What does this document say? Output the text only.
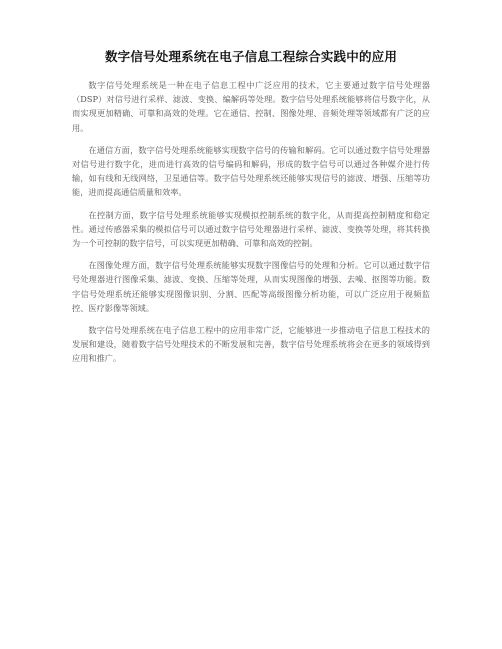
数字信号处理系统在电子信息工程综合实践中的应用

数字信号处理系统是一种在电子信息工程中广泛应用的技术，它主要通过数字信号处理器（DSP）对信号进行采样、滤波、变换、编解码等处理。数字信号处理系统能够将信号数字化，从而实现更加精确、可靠和高效的处理。它在通信、控制、图像处理、音频处理等领域都有广泛的应用。

在通信方面，数字信号处理系统能够实现数字信号的传输和解码。它可以通过数字信号处理器对信号进行数字化，进而进行高效的信号编码和解码，形成的数字信号可以通过各种媒介进行传输，如有线和无线网络，卫星通信等。数字信号处理系统还能够实现信号的滤波、增强、压缩等功能，进而提高通信质量和效率。

在控制方面，数字信号处理系统能够实现模拟控制系统的数字化，从而提高控制精度和稳定性。通过传感器采集的模拟信号可以通过数字信号处理器进行采样、滤波、变换等处理，将其转换为一个可控制的数字信号，可以实现更加精确、可靠和高效的控制。

在图像处理方面，数字信号处理系统能够实现数字图像信号的处理和分析。它可以通过数字信号处理器进行图像采集、滤波、变换、压缩等处理，从而实现图像的增强、去噪、抠图等功能。数字信号处理系统还能够实现图像识别、分割、匹配等高级图像分析功能，可以广泛应用于视频监控、医疗影像等领域。

数字信号处理系统在电子信息工程中的应用非常广泛，它能够进一步推动电子信息工程技术的发展和建设，随着数字信号处理技术的不断发展和完善，数字信号处理系统将会在更多的领域得到应用和推广。
